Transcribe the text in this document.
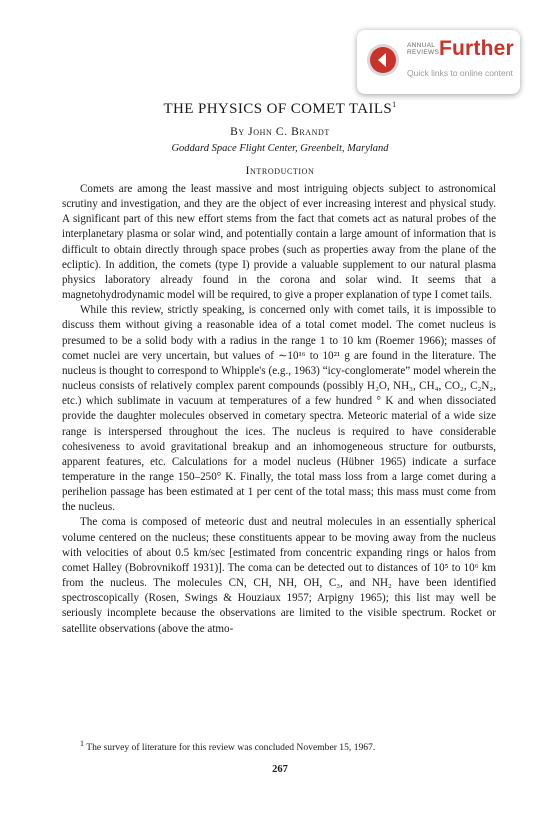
ANNUAL
REVIEWS Further
Quick links to online content
THE PHYSICS OF COMET TAILS$^1$
By John C. Brandt
Goddard Space Flight Center, Greenbelt, Maryland
Introduction

Comets are among the least massive and most intriguing objects subject to astronomical scrutiny and investigation, and they are the object of ever increasing interest and physical study. A significant part of this new effort stems from the fact that comets act as natural probes of the interplanetary plasma or solar wind, and potentially contain a large amount of information that is difficult to obtain directly through space probes (such as properties away from the plane of the ecliptic). In addition, the comets (type I) provide a valuable supplement to our natural plasma physics laboratory already found in the corona and solar wind. It seems that a magnetohydrodynamic model will be required, to give a proper explanation of type I comet tails.

While this review, strictly speaking, is concerned only with comet tails, it is impossible to discuss them without giving a reasonable idea of a total comet model. The comet nucleus is presumed to be a solid body with a radius in the range 1 to 10 km (Roemer 1966); masses of comet nuclei are very uncertain, but values of ∼10¹⁶ to 10²¹ g are found in the literature. The nucleus is thought to correspond to Whipple's (e.g., 1963) “icy-conglomerate” model wherein the nucleus consists of relatively complex parent compounds (possibly H₂O, NH₃, CH₄, CO₂, C₂N₂, etc.) which sublimate in vacuum at temperatures of a few hundred ° K and when dissociated provide the daughter molecules observed in cometary spectra. Meteoric material of a wide size range is interspersed throughout the ices. The nucleus is required to have considerable cohesiveness to avoid gravitational breakup and an inhomogeneous structure for outbursts, apparent features, etc. Calculations for a model nucleus (Hübner 1965) indicate a surface temperature in the range 150–250° K. Finally, the total mass loss from a large comet during a perihelion passage has been estimated at 1 per cent of the total mass; this mass must come from the nucleus.

The coma is composed of meteoric dust and neutral molecules in an essentially spherical volume centered on the nucleus; these constituents appear to be moving away from the nucleus with velocities of about 0.5 km/sec [estimated from concentric expanding rings or halos from comet Halley (Bobrovnikoff 1931)]. The coma can be detected out to distances of 10⁵ to 10⁶ km from the nucleus. The molecules CN, CH, NH, OH, C₃, and NH₂ have been identified spectroscopically (Rosen, Swings & Houziaux 1957; Arpigny 1965); this list may well be seriously incomplete because the observations are limited to the visible spectrum. Rocket or satellite observations (above the atmo-

$^1$ The survey of literature for this review was concluded November 15, 1967.
267
